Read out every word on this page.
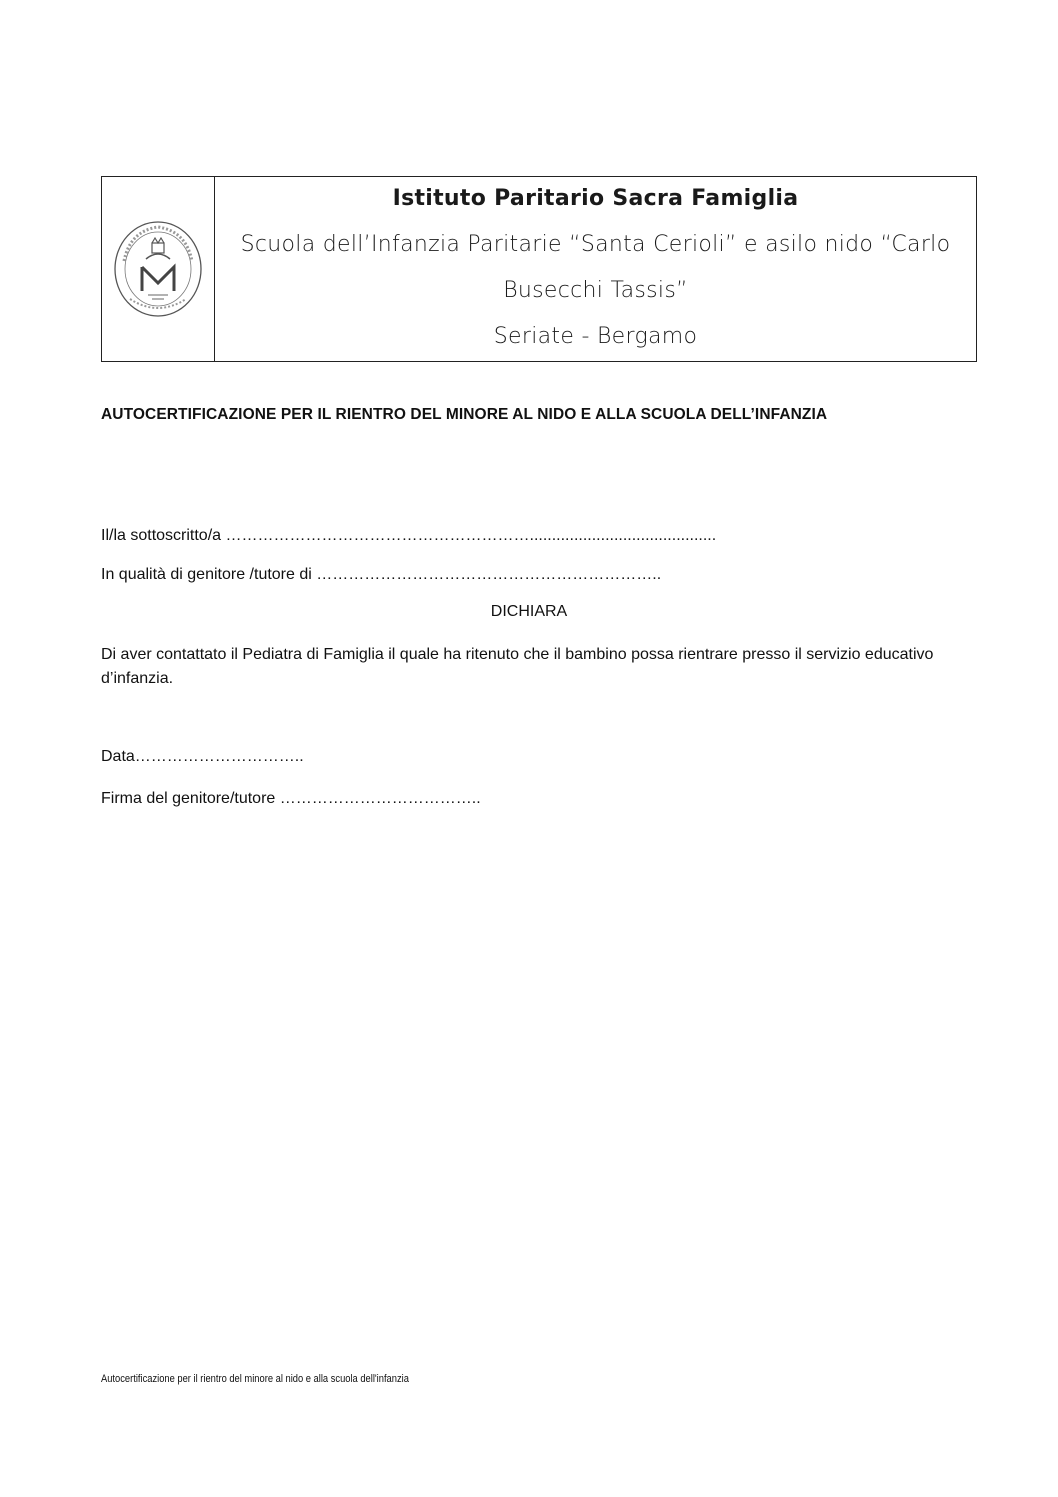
Istituto Paritario Sacra Famiglia
Scuola dell’Infanzia Paritarie “Santa Cerioli” e asilo nido “Carlo
Busecchi Tassis”
Seriate - Bergamo
AUTOCERTIFICAZIONE PER IL RIENTRO DEL MINORE AL NIDO E ALLA SCUOLA DELL’INFANZIA
Il/la sottoscritto/a …………………………………………………..........................................
In qualità di genitore /tutore di ………………………………………………………..
DICHIARA
Di aver contattato il Pediatra di Famiglia il quale ha ritenuto che il bambino possa rientrare presso il servizio educativo d’infanzia.
Data…………………………..
Firma del genitore/tutore ………………………………..
Autocertificazione per il rientro del minore al nido e alla scuola dell'infanzia
